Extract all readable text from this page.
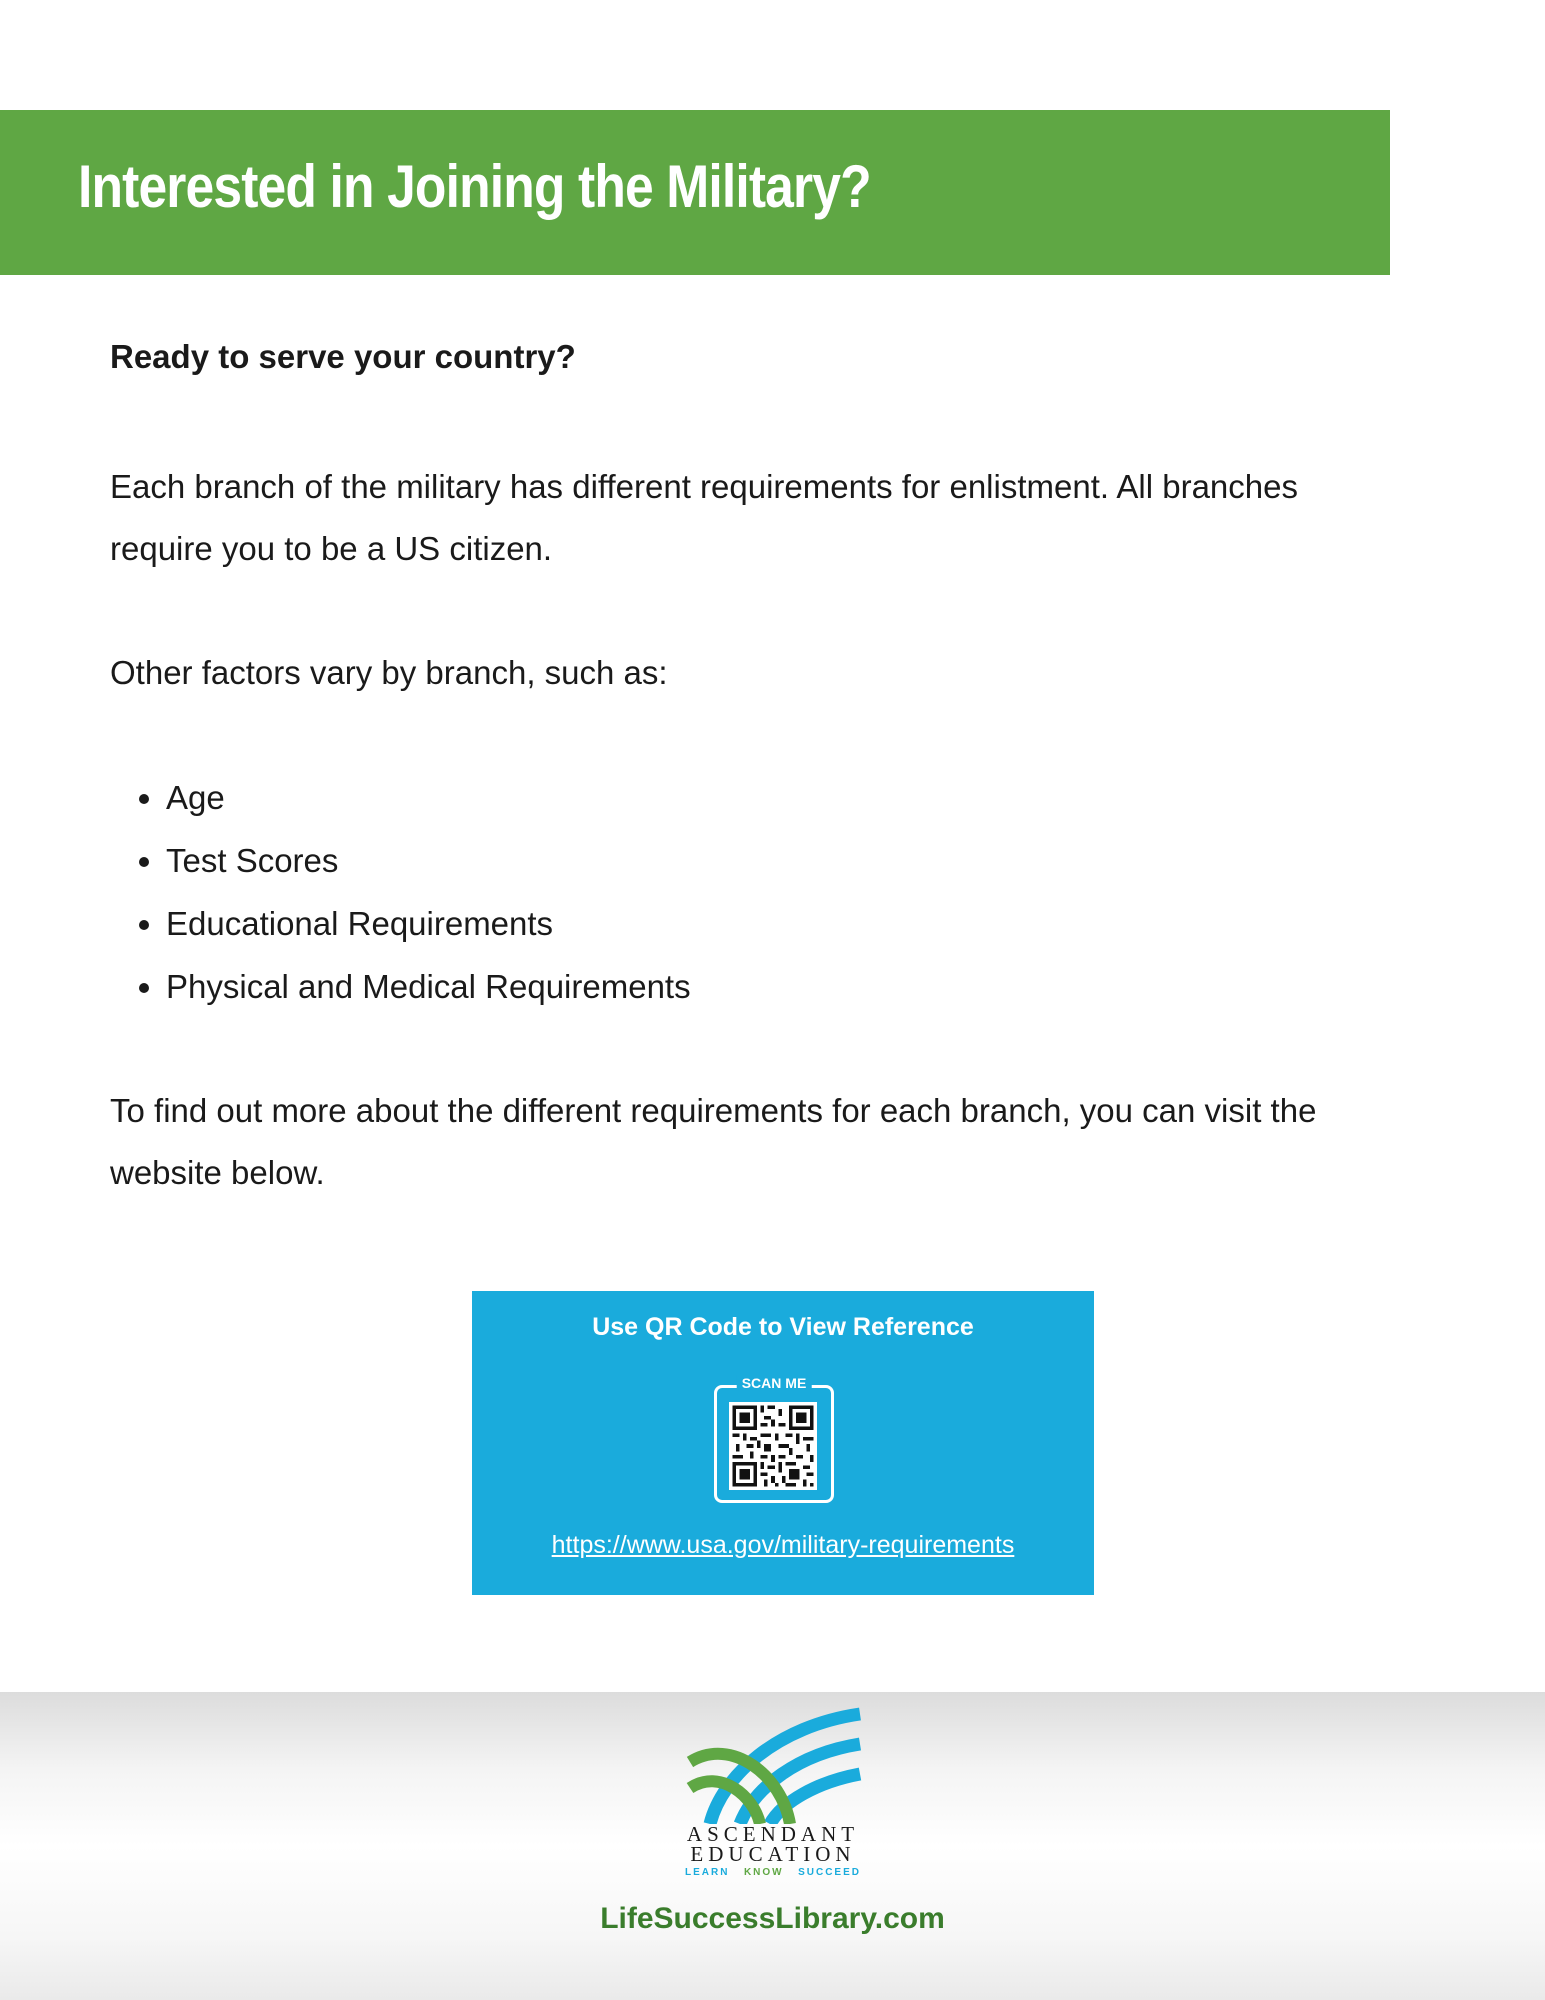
Interested in Joining the Military?
Ready to serve your country?

Each branch of the military has different requirements for enlistment. All branches require you to be a US citizen.

Other factors vary by branch, such as:

• Age
• Test Scores
• Educational Requirements
• Physical and Medical Requirements

To find out more about the different requirements for each branch, you can visit the website below.

Use QR Code to View Reference
SCAN ME
https://www.usa.gov/military-requirements
ASCENDANT
EDUCATION
LEARN KNOW SUCCEED
LifeSuccessLibrary.com
